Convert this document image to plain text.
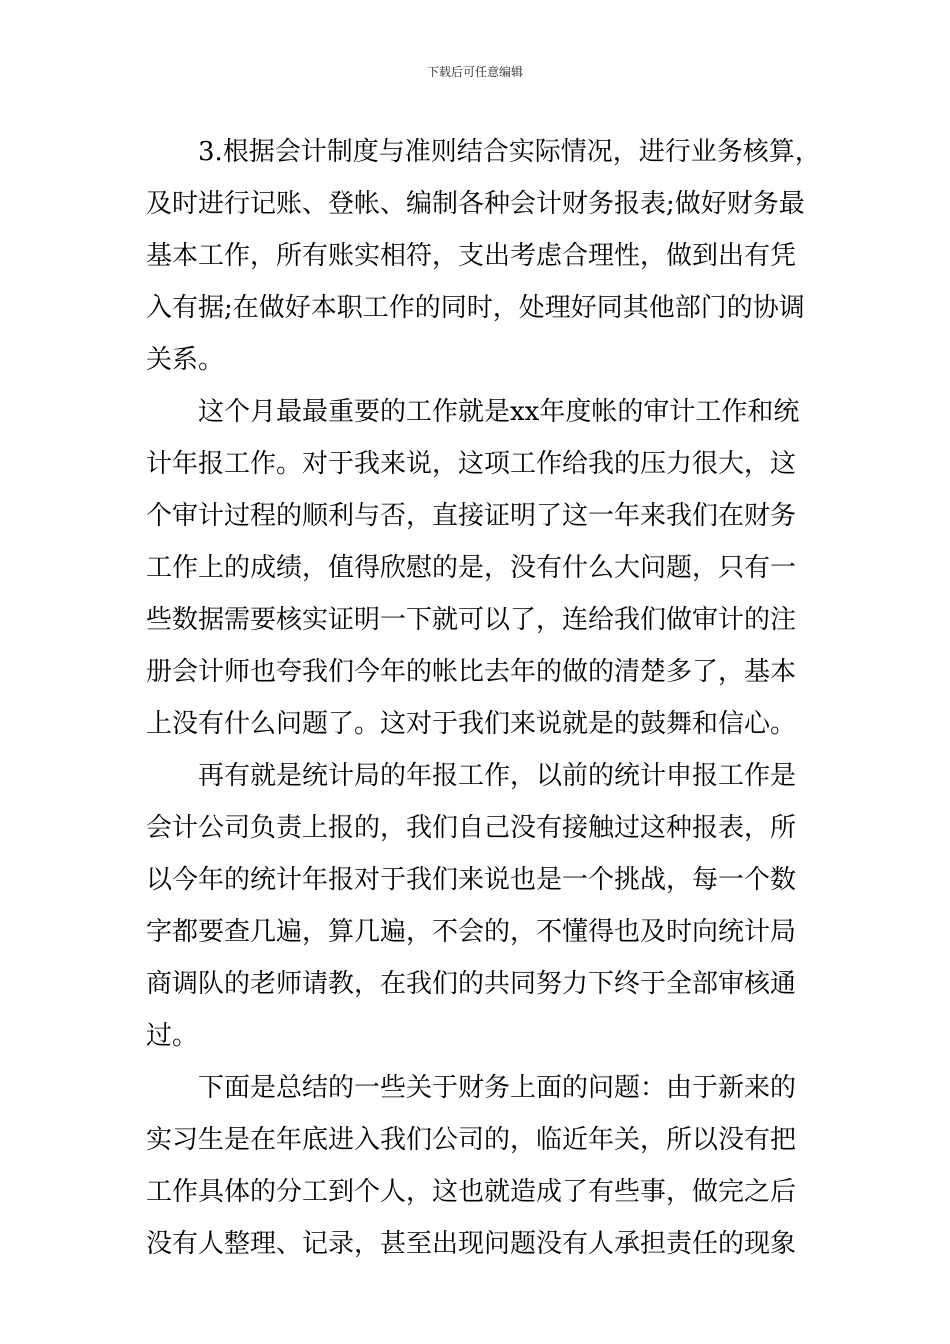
下载后可任意编辑
3.根据会计制度与准则结合实际情况，进行业务核算，
及时进行记账、登帐、编制各种会计财务报表;做好财务最
基本工作，所有账实相符，支出考虑合理性，做到出有凭
入有据;在做好本职工作的同时，处理好同其他部门的协调
关系。
这个月最最重要的工作就是xx年度帐的审计工作和统
计年报工作。对于我来说，这项工作给我的压力很大，这
个审计过程的顺利与否，直接证明了这一年来我们在财务
工作上的成绩，值得欣慰的是，没有什么大问题，只有一
些数据需要核实证明一下就可以了，连给我们做审计的注
册会计师也夸我们今年的帐比去年的做的清楚多了，基本
上没有什么问题了。这对于我们来说就是的鼓舞和信心。
再有就是统计局的年报工作，以前的统计申报工作是
会计公司负责上报的，我们自己没有接触过这种报表，所
以今年的统计年报对于我们来说也是一个挑战，每一个数
字都要查几遍，算几遍，不会的，不懂得也及时向统计局
商调队的老师请教，在我们的共同努力下终于全部审核通
过。
下面是总结的一些关于财务上面的问题：由于新来的
实习生是在年底进入我们公司的，临近年关，所以没有把
工作具体的分工到个人，这也就造成了有些事，做完之后
没有人整理、记录，甚至出现问题没有人承担责任的现象
